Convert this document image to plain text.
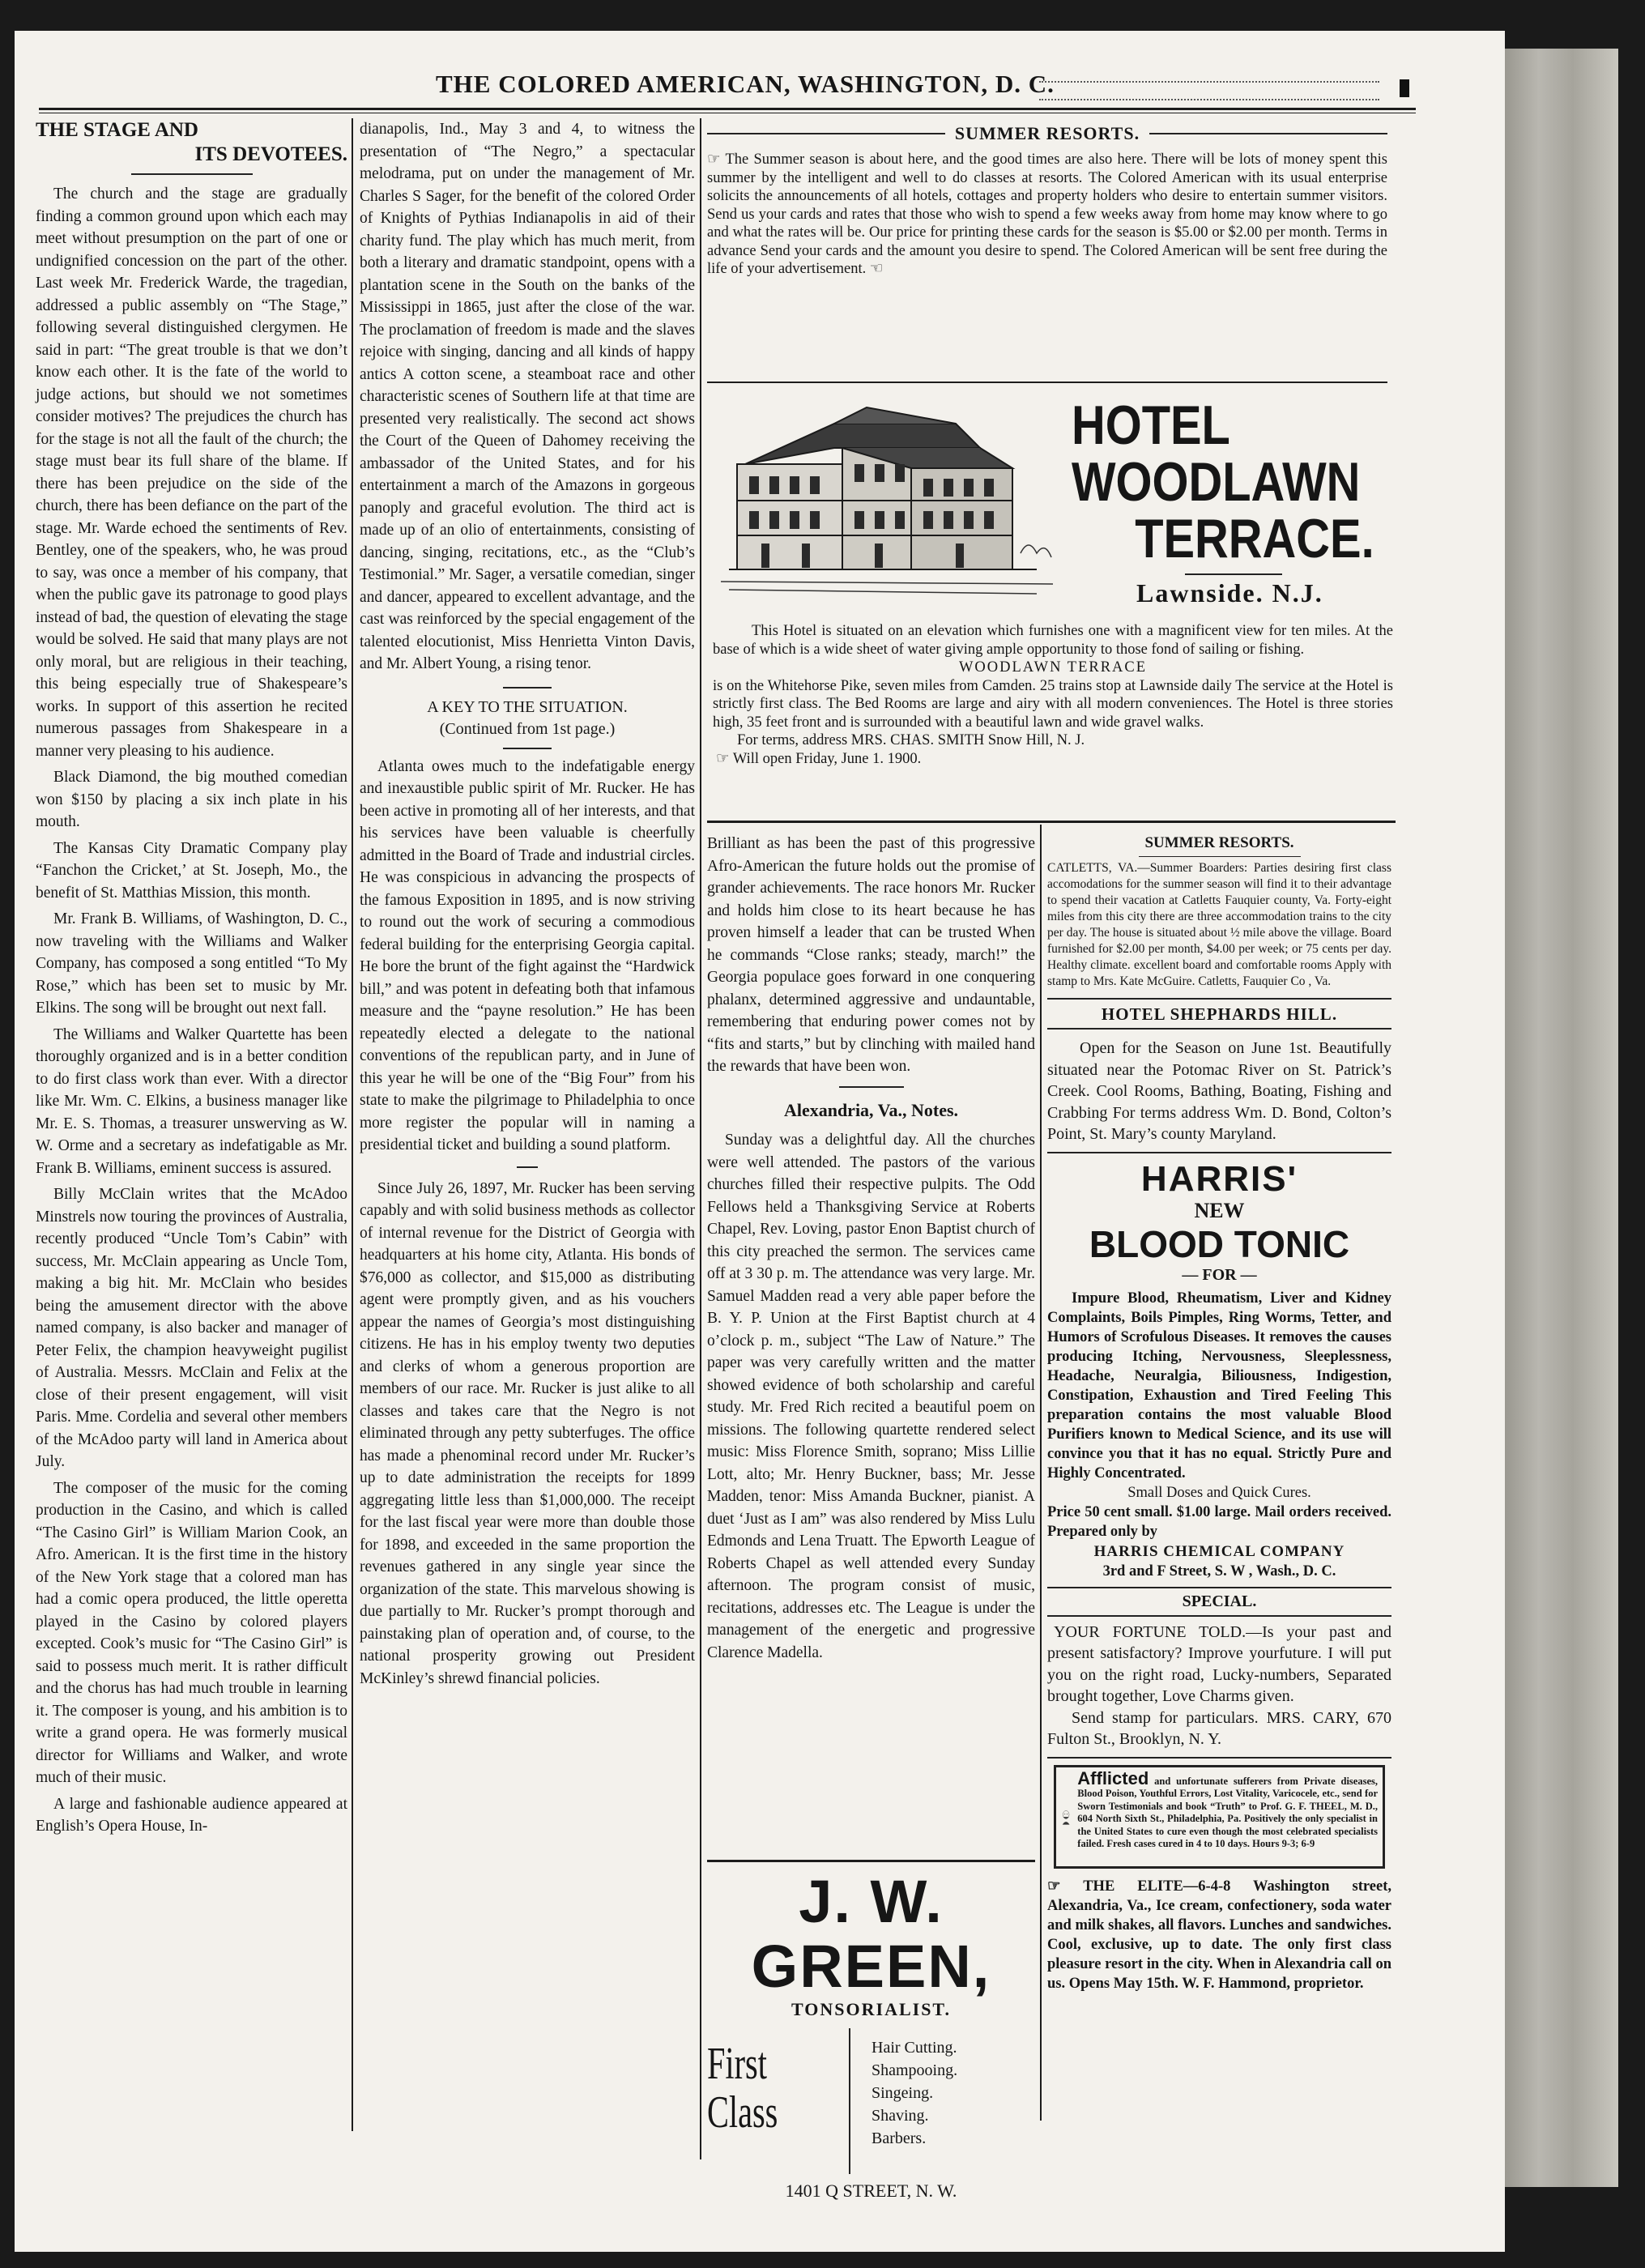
THE COLORED AMERICAN, WASHINGTON, D. C.
THE STAGE AND
ITS DEVOTEES.

The church and the stage are gradually finding a common ground upon which each may meet without presumption on the part of one or undignified concession on the part of the other. Last week Mr. Frederick Warde, the tragedian, addressed a public assembly on “The Stage,” following several distinguished clergymen. He said in part: “The great trouble is that we don’t know each other. It is the fate of the world to judge actions, but should we not sometimes consider motives? The prejudices the church has for the stage is not all the fault of the church; the stage must bear its full share of the blame. If there has been prejudice on the side of the church, there has been defiance on the part of the stage. Mr. Warde echoed the sentiments of Rev. Bentley, one of the speakers, who, he was proud to say, was once a member of his company, that when the public gave its patronage to good plays instead of bad, the question of elevating the stage would be solved. He said that many plays are not only moral, but are religious in their teaching, this being especially true of Shakespeare’s works. In support of this assertion he recited numerous passages from Shakespeare in a manner very pleasing to his audience.

Black Diamond, the big mouthed comedian won $150 by placing a six inch plate in his mouth.

The Kansas City Dramatic Company play “Fanchon the Cricket,’ at St. Joseph, Mo., the benefit of St. Matthias Mission, this month.

Mr. Frank B. Williams, of Washington, D. C., now traveling with the Williams and Walker Company, has composed a song entitled “To My Rose,” which has been set to music by Mr. Elkins. The song will be brought out next fall.

The Williams and Walker Quartette has been thoroughly organized and is in a better condition to do first class work than ever. With a director like Mr. Wm. C. Elkins, a business manager like Mr. E. S. Thomas, a treasurer unswerving as W. W. Orme and a secretary as indefatigable as Mr. Frank B. Williams, eminent success is assured.

Billy McClain writes that the McAdoo Minstrels now touring the provinces of Australia, recently produced “Uncle Tom’s Cabin” with success, Mr. McClain appearing as Uncle Tom, making a big hit. Mr. McClain who besides being the amusement director with the above named company, is also backer and manager of Peter Felix, the champion heavyweight pugilist of Australia. Messrs. McClain and Felix at the close of their present engagement, will visit Paris. Mme. Cordelia and several other members of the McAdoo party will land in America about July.

The composer of the music for the coming production in the Casino, and which is called “The Casino Girl” is William Marion Cook, an Afro. American. It is the first time in the history of the New York stage that a colored man has had a comic opera produced, the little operetta played in the Casino by colored players excepted. Cook’s music for “The Casino Girl” is said to possess much merit. It is rather difficult and the chorus has had much trouble in learning it. The composer is young, and his ambition is to write a grand opera. He was formerly musical director for Williams and Walker, and wrote much of their music.

A large and fashionable audience appeared at English’s Opera House, In-

dianapolis, Ind., May 3 and 4, to witness the presentation of “The Negro,” a spectacular melodrama, put on under the management of Mr. Charles S Sager, for the benefit of the colored Order of Knights of Pythias Indianapolis in aid of their charity fund. The play which has much merit, from both a literary and dramatic standpoint, opens with a plantation scene in the South on the banks of the Mississippi in 1865, just after the close of the war. The proclamation of freedom is made and the slaves rejoice with singing, dancing and all kinds of happy antics A cotton scene, a steamboat race and other characteristic scenes of Southern life at that time are presented very realistically. The second act shows the Court of the Queen of Dahomey receiving the ambassador of the United States, and for his entertainment a march of the Amazons in gorgeous panoply and graceful evolution. The third act is made up of an olio of entertainments, consisting of dancing, singing, recitations, etc., as the “Club’s Testimonial.” Mr. Sager, a versatile comedian, singer and dancer, appeared to excellent advantage, and the cast was reinforced by the special engagement of the talented elocutionist, Miss Henrietta Vinton Davis, and Mr. Albert Young, a rising tenor.

A KEY TO THE SITUATION.
(Continued from 1st page.)

Atlanta owes much to the indefatigable energy and inexaustible public spirit of Mr. Rucker. He has been active in promoting all of her interests, and that his services have been valuable is cheerfully admitted in the Board of Trade and industrial circles. He was conspicious in advancing the prospects of the famous Exposition in 1895, and is now striving to round out the work of securing a commodious federal building for the enterprising Georgia capital. He bore the brunt of the fight against the “Hardwick bill,” and was potent in defeating both that infamous measure and the “payne resolution.” He has been repeatedly elected a delegate to the national conventions of the republican party, and in June of this year he will be one of the “Big Four” from his state to make the pilgrimage to Philadelphia to once more register the popular will in naming a presidential ticket and building a sound platform.

Since July 26, 1897, Mr. Rucker has been serving capably and with solid business methods as collector of internal revenue for the District of Georgia with headquarters at his home city, Atlanta. His bonds of $76,000 as collector, and $15,000 as distributing agent were promptly given, and as his vouchers appear the names of Georgia’s most distinguishing citizens. He has in his employ twenty two deputies and clerks of whom a generous proportion are members of our race. Mr. Rucker is just alike to all classes and takes care that the Negro is not eliminated through any petty subterfuges. The office has made a phenominal record under Mr. Rucker’s up to date administration the receipts for 1899 aggregating little less than $1,000,000. The receipt for the last fiscal year were more than double those for 1898, and exceeded in the same proportion the revenues gathered in any single year since the organization of the state. This marvelous showing is due partially to Mr. Rucker’s prompt thorough and painstaking plan of operation and, of course, to the national prosperity growing out President McKinley’s shrewd financial policies.

SUMMER RESORTS.
☞ The Summer season is about here, and the good times are also here. There will be lots of money spent this summer by the intelligent and well to do classes at resorts. The Colored American with its usual enterprise solicits the announcements of all hotels, cottages and property holders who desire to entertain summer visitors. Send us your cards and rates that those who wish to spend a few weeks away from home may know where to go and what the rates will be. Our price for printing these cards for the season is $5.00 or $2.00 per month. Terms in advance Send your cards and the amount you desire to spend. The Colored American will be sent free during the life of your advertisement. ☜
HOTEL
WOODLAWN
TERRACE.
Lawnside. N.J.
This Hotel is situated on an elevation which furnishes one with a magnificent view for ten miles. At the base of which is a wide sheet of water giving ample opportunity to those fond of sailing or fishing.
WOODLAWN TERRACE
is on the Whitehorse Pike, seven miles from Camden. 25 trains stop at Lawnside daily The service at the Hotel is strictly first class. The Bed Rooms are large and airy with all modern conveniences. The Hotel is three stories high, 35 feet front and is surrounded with a beautiful lawn and wide gravel walks.
For terms, address MRS. CHAS. SMITH Snow Hill, N. J.
☞ Will open Friday, June 1. 1900.

Brilliant as has been the past of this progressive Afro-American the future holds out the promise of grander achievements. The race honors Mr. Rucker and holds him close to its heart because he has proven himself a leader that can be trusted When he commands “Close ranks; steady, march!” the Georgia populace goes forward in one conquering phalanx, determined aggressive and undauntable, remembering that enduring power comes not by “fits and starts,” but by clinching with mailed hand the rewards that have been won.

Alexandria, Va., Notes.

Sunday was a delightful day. All the churches were well attended. The pastors of the various churches filled their respective pulpits. The Odd Fellows held a Thanksgiving Service at Roberts Chapel, Rev. Loving, pastor Enon Baptist church of this city preached the sermon. The services came off at 3 30 p. m. The attendance was very large. Mr. Samuel Madden read a very able paper before the B. Y. P. Union at the First Baptist church at 4 o’clock p. m., subject “The Law of Nature.” The paper was very carefully written and the matter showed evidence of both scholarship and careful study. Mr. Fred Rich recited a beautiful poem on missions. The following quartette rendered select music: Miss Florence Smith, soprano; Miss Lillie Lott, alto; Mr. Henry Buckner, bass; Mr. Jesse Madden, tenor: Miss Amanda Buckner, pianist. A duet ‘Just as I am” was also rendered by Miss Lulu Edmonds and Lena Truatt. The Epworth League of Roberts Chapel as well attended every Sunday afternoon. The program consist of music, recitations, addresses etc. The League is under the management of the energetic and progressive Clarence Madella.

J. W. GREEN,
TONSORIALIST.
First
Class
Hair Cutting.
Shampooing.
Singeing.
Shaving.
Barbers.
1401 Q STREET, N. W.
SUMMER RESORTS.
CATLETTS, VA.—Summer Boarders: Parties desiring first class accomodations for the summer season will find it to their advantage to spend their vacation at Catletts Fauquier county, Va. Forty-eight miles from this city there are three accommodation trains to the city per day. The house is situated about ½ mile above the village. Board furnished for $2.00 per month, $4.00 per week; or 75 cents per day. Healthy climate. excellent board and comfortable rooms Apply with stamp to Mrs. Kate McGuire. Catletts, Fauquier Co , Va.
HOTEL SHEPHARDS HILL.
Open for the Season on June 1st. Beautifully situated near the Potomac River on St. Patrick’s Creek. Cool Rooms, Bathing, Boating, Fishing and Crabbing For terms address Wm. D. Bond, Colton’s Point, St. Mary’s county Maryland.
HARRIS'
NEW
BLOOD TONIC
— FOR —
Impure Blood, Rheumatism, Liver and Kidney Complaints, Boils Pimples, Ring Worms, Tetter, and Humors of Scrofulous Diseases. It removes the causes producing Itching, Nervousness, Sleeplessness, Headache, Neuralgia, Biliousness, Indigestion, Constipation, Exhaustion and Tired Feeling This preparation contains the most valuable Blood Purifiers known to Medical Science, and its use will convince you that it has no equal. Strictly Pure and Highly Concentrated.
Small Doses and Quick Cures.
Price 50 cent small. $1.00 large. Mail orders received. Prepared only by
HARRIS CHEMICAL COMPANY
3rd and F Street, S. W , Wash., D. C.
SPECIAL.
YOUR FORTUNE TOLD.—Is your past and present satisfactory? Improve yourfuture. I will put you on the right road, Lucky-numbers, Separated brought together, Love Charms given.
Send stamp for particulars. MRS. CARY, 670 Fulton St., Brooklyn, N. Y.
Afflicted and unfortunate sufferers from Private diseases, Blood Poison, Youthful Errors, Lost Vitality, Varicocele, etc., send for Sworn Testimonials and book “Truth” to Prof. G. F. THEEL, M. D., 604 North Sixth St., Philadelphia, Pa. Positively the only specialist in the United States to cure even though the most celebrated specialists failed. Fresh cases cured in 4 to 10 days. Hours 9-3; 6-9
☞ THE ELITE—6-4-8 Washington street, Alexandria, Va., Ice cream, confectionery, soda water and milk shakes, all flavors. Lunches and sandwiches. Cool, exclusive, up to date. The only first class pleasure resort in the city. When in Alexandria call on us. Opens May 15th. W. F. Hammond, proprietor.
